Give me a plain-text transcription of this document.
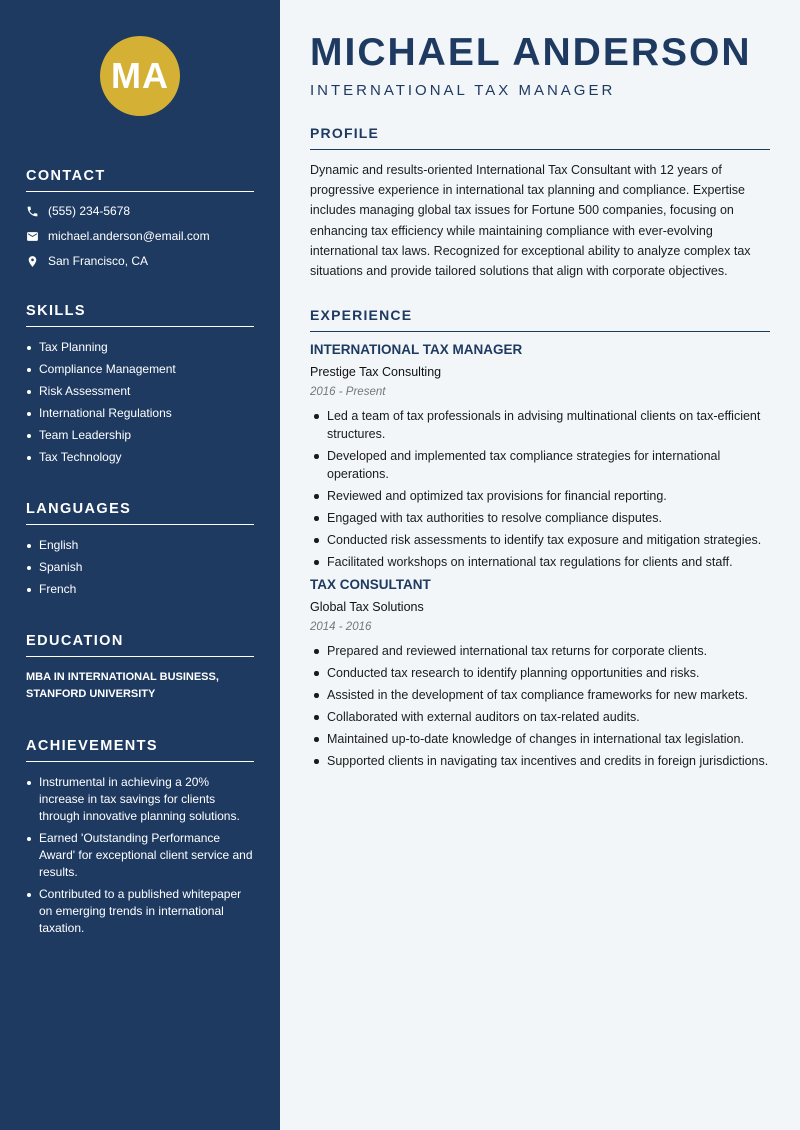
MA
CONTACT
(555) 234-5678
michael.anderson@email.com
San Francisco, CA
SKILLS
Tax Planning
Compliance Management
Risk Assessment
International Regulations
Team Leadership
Tax Technology
LANGUAGES
English
Spanish
French
EDUCATION
MBA IN INTERNATIONAL BUSINESS, STANFORD UNIVERSITY
ACHIEVEMENTS
Instrumental in achieving a 20% increase in tax savings for clients through innovative planning solutions.
Earned 'Outstanding Performance Award' for exceptional client service and results.
Contributed to a published whitepaper on emerging trends in international taxation.
MICHAEL ANDERSON
INTERNATIONAL TAX MANAGER
PROFILE

Dynamic and results-oriented International Tax Consultant with 12 years of progressive experience in international tax planning and compliance. Expertise includes managing global tax issues for Fortune 500 companies, focusing on enhancing tax efficiency while maintaining compliance with ever-evolving international tax laws. Recognized for exceptional ability to analyze complex tax situations and provide tailored solutions that align with corporate objectives.

EXPERIENCE
INTERNATIONAL TAX MANAGER
Prestige Tax Consulting
2016 - Present
Led a team of tax professionals in advising multinational clients on tax-efficient structures.
Developed and implemented tax compliance strategies for international operations.
Reviewed and optimized tax provisions for financial reporting.
Engaged with tax authorities to resolve compliance disputes.
Conducted risk assessments to identify tax exposure and mitigation strategies.
Facilitated workshops on international tax regulations for clients and staff.
TAX CONSULTANT
Global Tax Solutions
2014 - 2016
Prepared and reviewed international tax returns for corporate clients.
Conducted tax research to identify planning opportunities and risks.
Assisted in the development of tax compliance frameworks for new markets.
Collaborated with external auditors on tax-related audits.
Maintained up-to-date knowledge of changes in international tax legislation.
Supported clients in navigating tax incentives and credits in foreign jurisdictions.
